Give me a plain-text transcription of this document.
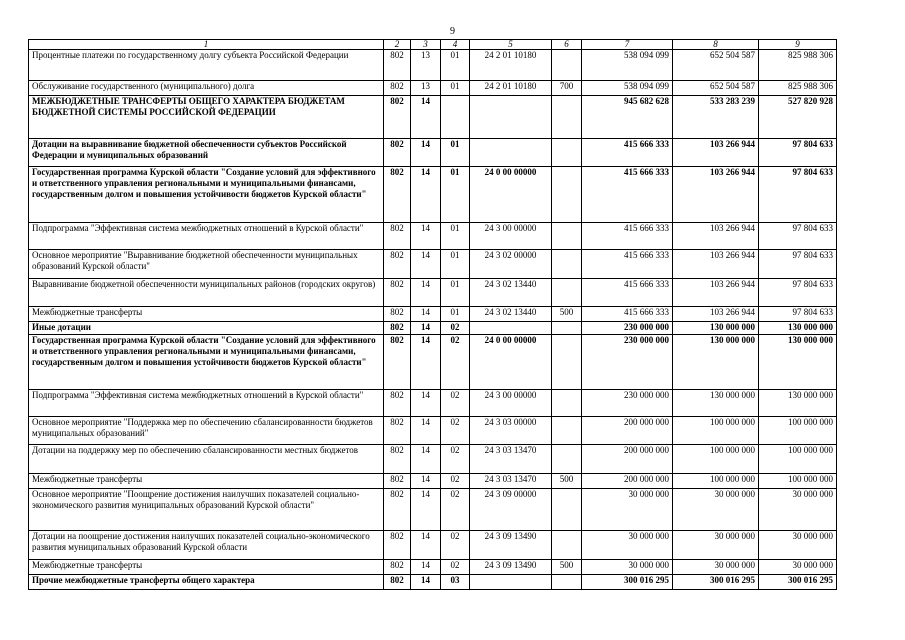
9
1	2	3	4	5	6	7	8	9
Процентные платежи по государственному долгу субъекта Российской Федерации	802	13	01	24 2 01 10180		538 094 099	652 504 587	825 988 306
Обслуживание государственного (муниципального) долга	802	13	01	24 2 01 10180	700	538 094 099	652 504 587	825 988 306
МЕЖБЮДЖЕТНЫЕ ТРАНСФЕРТЫ ОБЩЕГО ХАРАКТЕРА БЮДЖЕТАМ БЮДЖЕТНОЙ СИСТЕМЫ РОССИЙСКОЙ ФЕДЕРАЦИИ	802	14				945 682 628	533 283 239	527 820 928
Дотации на выравнивание бюджетной обеспеченности субъектов Российской Федерации и муниципальных образований	802	14	01			415 666 333	103 266 944	97 804 633
Государственная программа Курской области "Создание условий для эффективного и ответственного управления региональными и муниципальными финансами, государственным долгом и повышения устойчивости бюджетов Курской области"	802	14	01	24 0 00 00000		415 666 333	103 266 944	97 804 633
Подпрограмма "Эффективная система межбюджетных отношений в Курской области"	802	14	01	24 3 00 00000		415 666 333	103 266 944	97 804 633
Основное мероприятие "Выравнивание бюджетной обеспеченности муниципальных образований Курской области"	802	14	01	24 3 02 00000		415 666 333	103 266 944	97 804 633
Выравнивание бюджетной обеспеченности муниципальных районов (городских округов)	802	14	01	24 3 02 13440		415 666 333	103 266 944	97 804 633
Межбюджетные трансферты	802	14	01	24 3 02 13440	500	415 666 333	103 266 944	97 804 633
Иные дотации	802	14	02			230 000 000	130 000 000	130 000 000
Государственная программа Курской области "Создание условий для эффективного и ответственного управления региональными и муниципальными финансами, государственным долгом и повышения устойчивости бюджетов Курской области"	802	14	02	24 0 00 00000		230 000 000	130 000 000	130 000 000
Подпрограмма "Эффективная система межбюджетных отношений в Курской области"	802	14	02	24 3 00 00000		230 000 000	130 000 000	130 000 000
Основное мероприятие "Поддержка мер по обеспечению сбалансированности бюджетов муниципальных образований"	802	14	02	24 3 03 00000		200 000 000	100 000 000	100 000 000
Дотации на поддержку мер по обеспечению сбалансированности местных бюджетов	802	14	02	24 3 03 13470		200 000 000	100 000 000	100 000 000
Межбюджетные трансферты	802	14	02	24 3 03 13470	500	200 000 000	100 000 000	100 000 000
Основное мероприятие "Поощрение достижения наилучших показателей социально-экономического развития муниципальных образований Курской области"	802	14	02	24 3 09 00000		30 000 000	30 000 000	30 000 000
Дотации на поощрение достижения наилучших показателей социально-экономического развития муниципальных образований Курской области	802	14	02	24 3 09 13490		30 000 000	30 000 000	30 000 000
Межбюджетные трансферты	802	14	02	24 3 09 13490	500	30 000 000	30 000 000	30 000 000
Прочие межбюджетные трансферты общего характера	802	14	03			300 016 295	300 016 295	300 016 295
